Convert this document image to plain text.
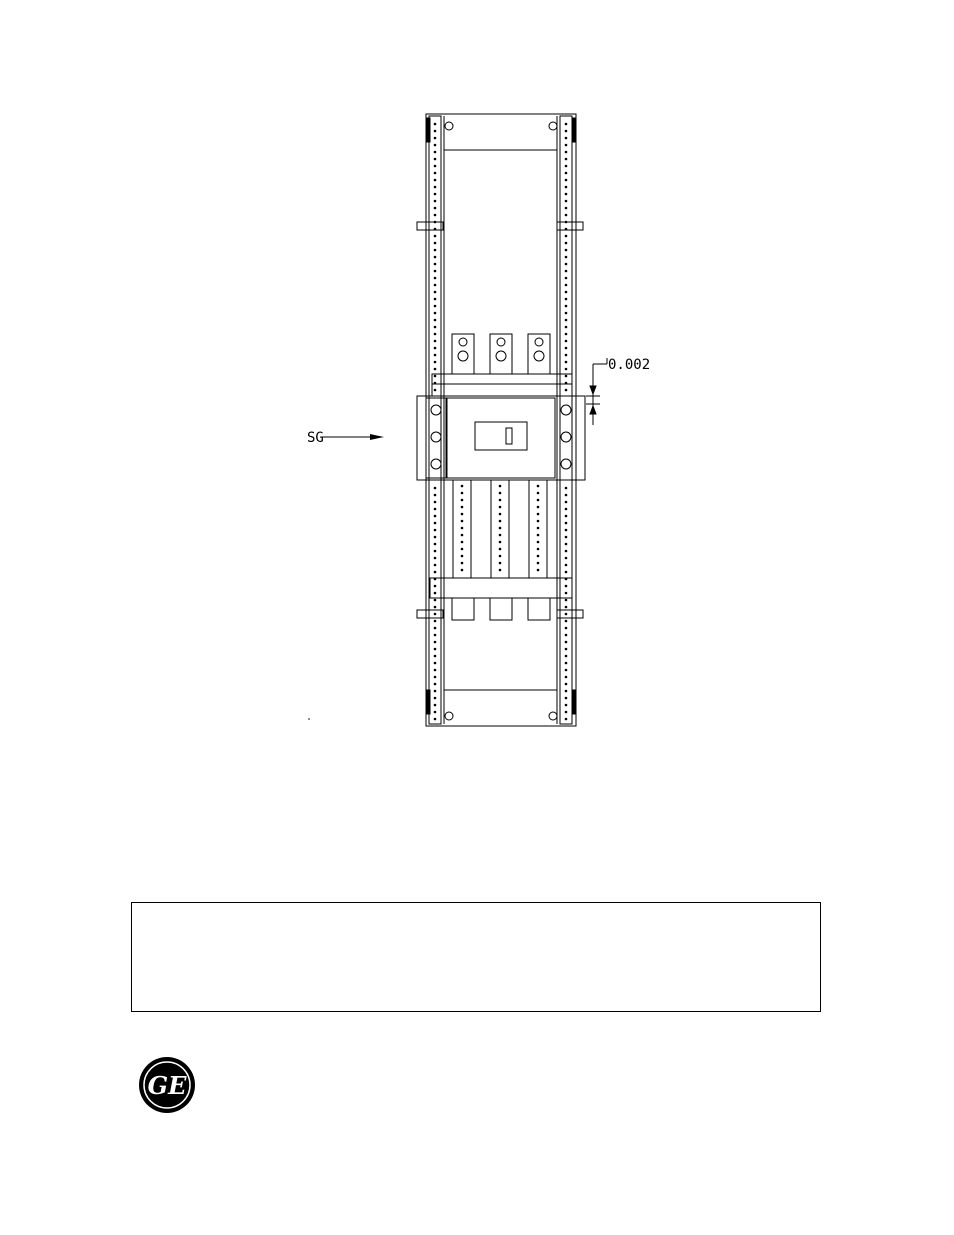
0.002
SG
GE
